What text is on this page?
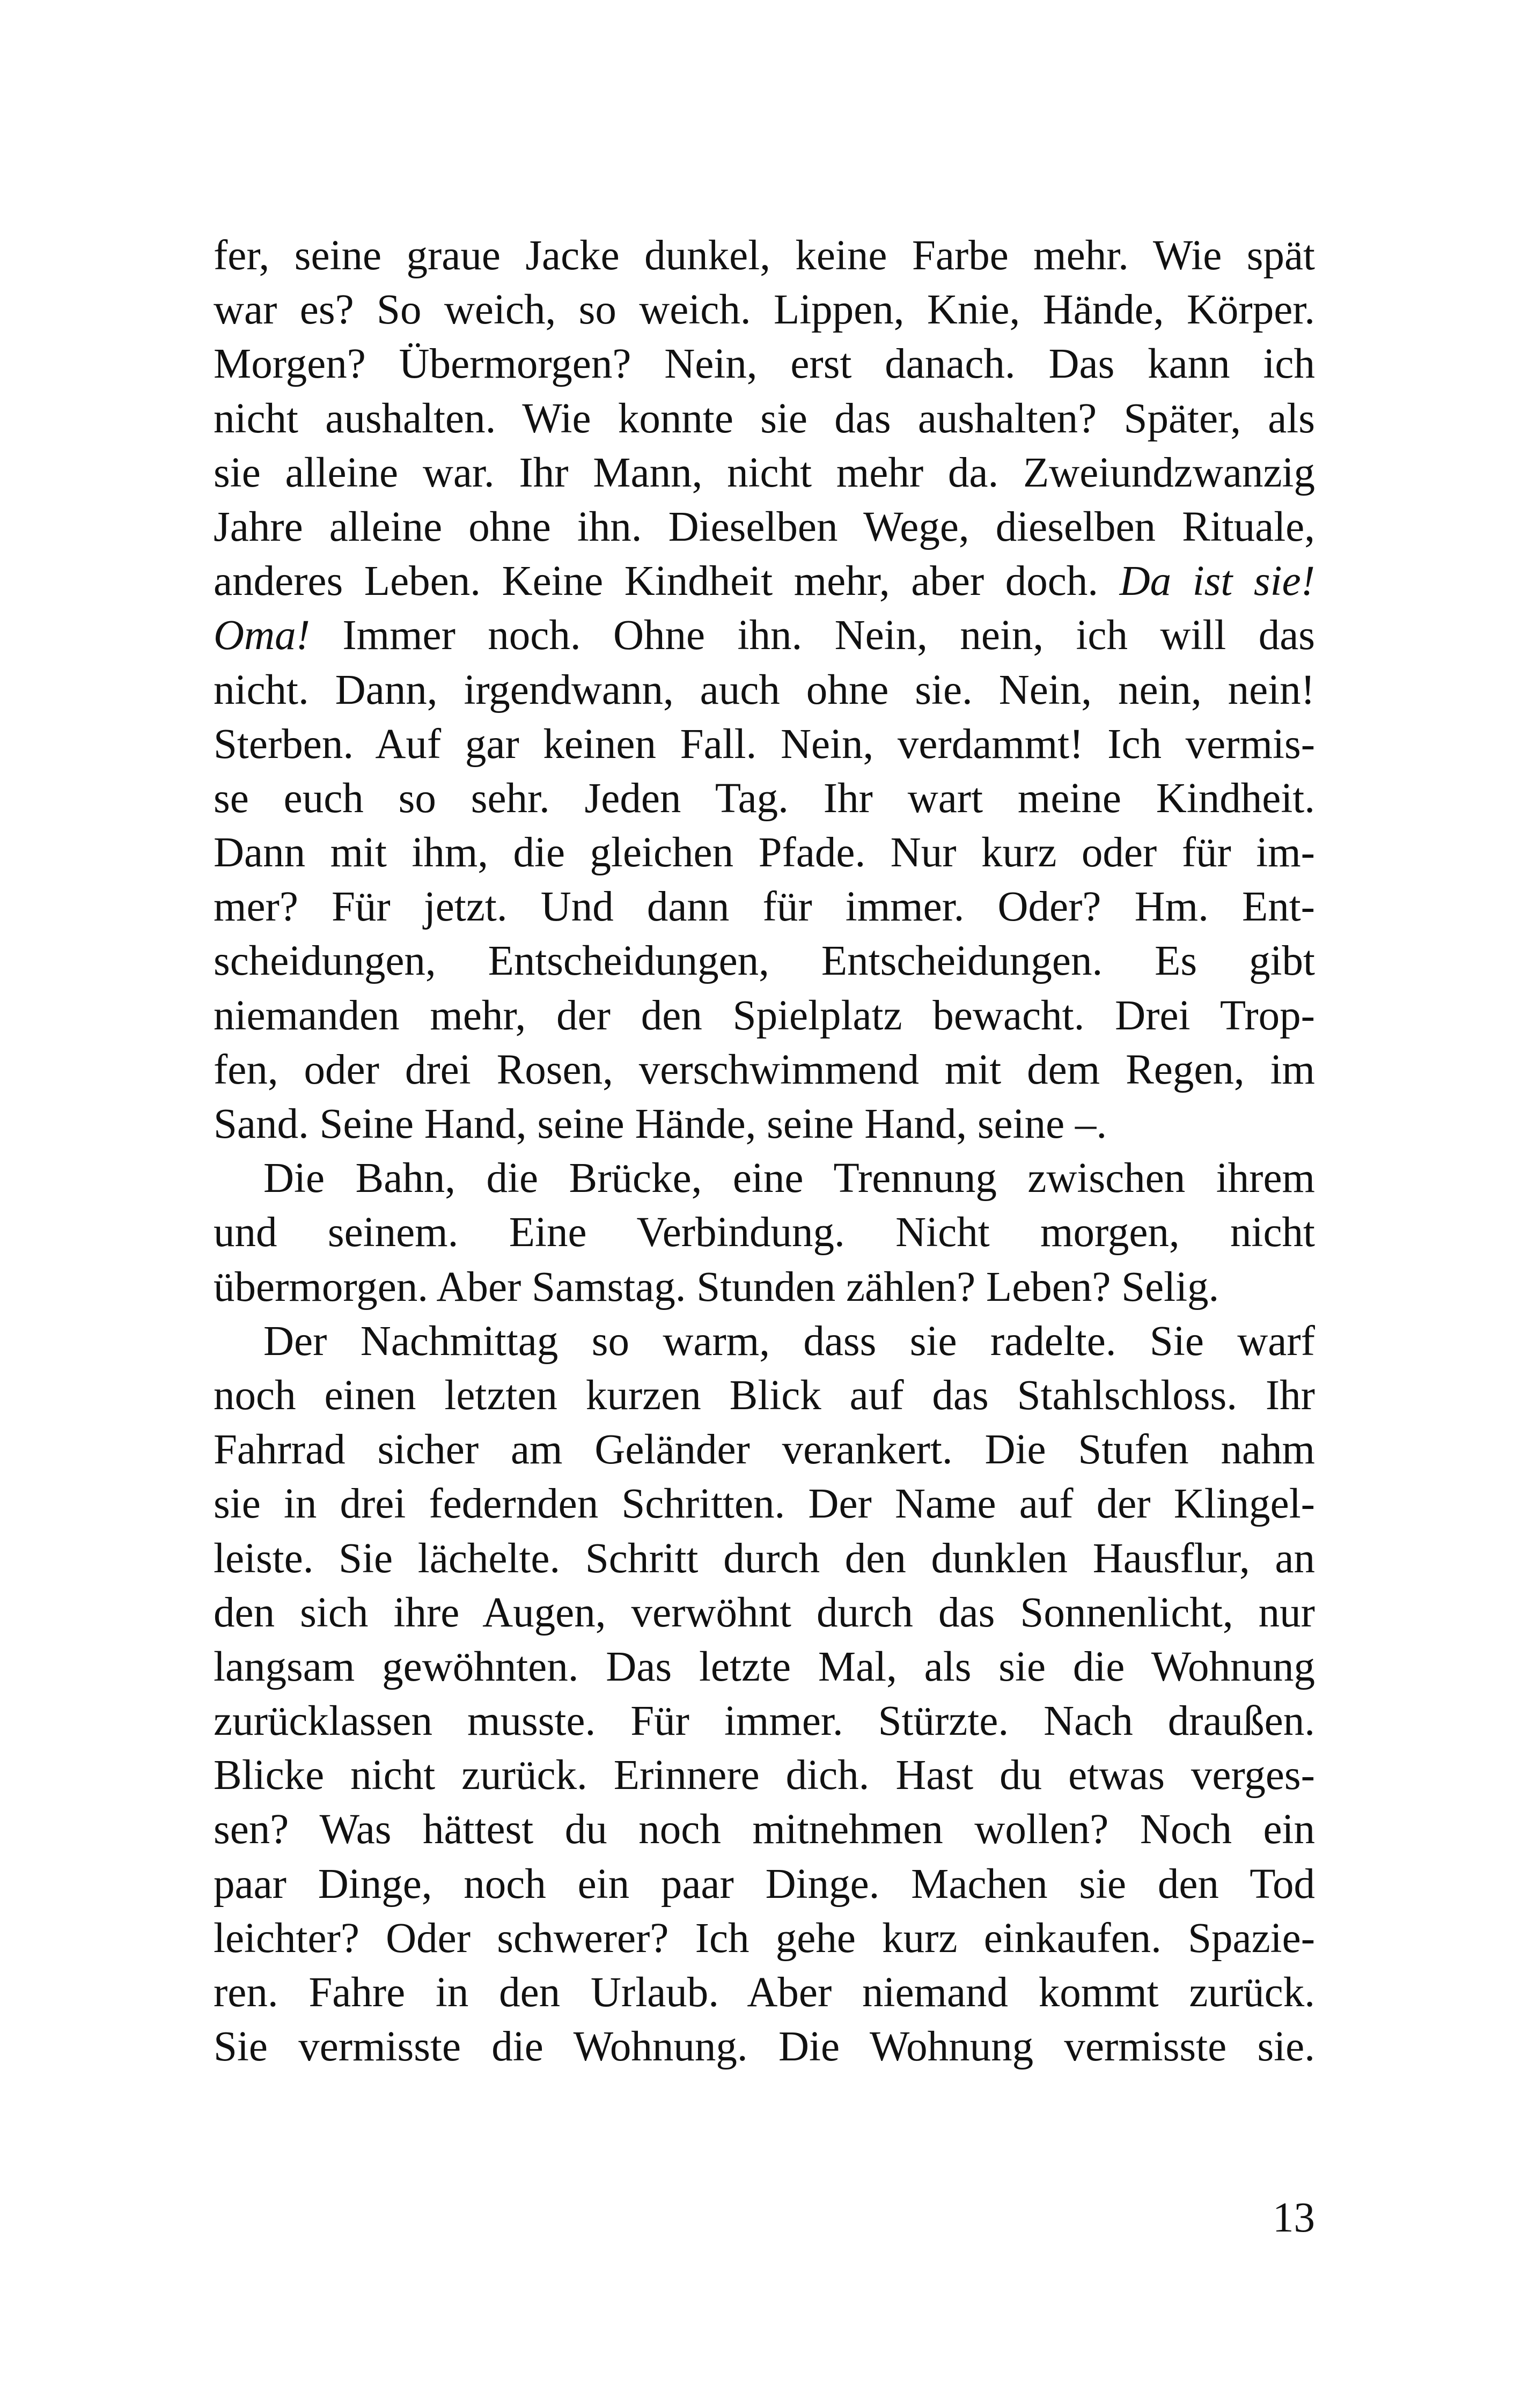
fer, seine graue Jacke dunkel, keine Farbe mehr. Wie spät
war es? So weich, so weich. Lippen, Knie, Hände, Körper.
Morgen? Übermorgen? Nein, erst danach. Das kann ich
nicht aushalten. Wie konnte sie das aushalten? Später, als
sie alleine war. Ihr Mann, nicht mehr da. Zweiundzwanzig
Jahre alleine ohne ihn. Dieselben Wege, dieselben Rituale,
anderes Leben. Keine Kindheit mehr, aber doch. Da ist sie!
Oma! Immer noch. Ohne ihn. Nein, nein, ich will das
nicht. Dann, irgendwann, auch ohne sie. Nein, nein, nein!
Sterben. Auf gar keinen Fall. Nein, verdammt! Ich vermis-
se euch so sehr. Jeden Tag. Ihr wart meine Kindheit.
Dann mit ihm, die gleichen Pfade. Nur kurz oder für im-
mer? Für jetzt. Und dann für immer. Oder? Hm. Ent-
scheidungen, Entscheidungen, Entscheidungen. Es gibt
niemanden mehr, der den Spielplatz bewacht. Drei Trop-
fen, oder drei Rosen, verschwimmend mit dem Regen, im
Sand. Seine Hand, seine Hände, seine Hand, seine –.
Die Bahn, die Brücke, eine Trennung zwischen ihrem
und seinem. Eine Verbindung. Nicht morgen, nicht
übermorgen. Aber Samstag. Stunden zählen? Leben? Selig.
Der Nachmittag so warm, dass sie radelte. Sie warf
noch einen letzten kurzen Blick auf das Stahlschloss. Ihr
Fahrrad sicher am Geländer verankert. Die Stufen nahm
sie in drei federnden Schritten. Der Name auf der Klingel-
leiste. Sie lächelte. Schritt durch den dunklen Hausflur, an
den sich ihre Augen, verwöhnt durch das Sonnenlicht, nur
langsam gewöhnten. Das letzte Mal, als sie die Wohnung
zurücklassen musste. Für immer. Stürzte. Nach draußen.
Blicke nicht zurück. Erinnere dich. Hast du etwas verges-
sen? Was hättest du noch mitnehmen wollen? Noch ein
paar Dinge, noch ein paar Dinge. Machen sie den Tod
leichter? Oder schwerer? Ich gehe kurz einkaufen. Spazie-
ren. Fahre in den Urlaub. Aber niemand kommt zurück.
Sie vermisste die Wohnung. Die Wohnung vermisste sie.
13
